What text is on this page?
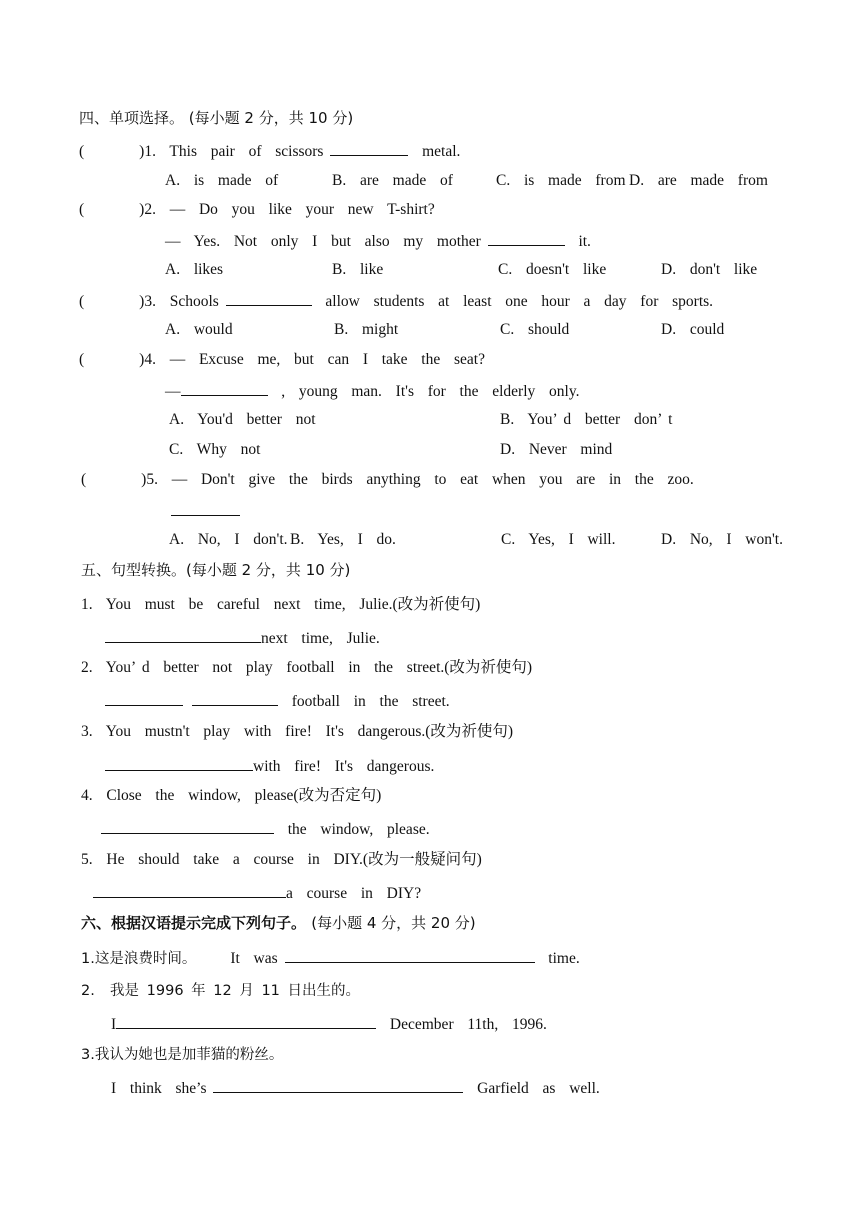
四、单项选择。 (每小题 2 分，共 10 分)
(        )1.  This  pair  of  scissors	metal.
A.  is  made  of	B.  are  made  of	C.  is  made  from D.  are  made  from
(        )2.  —  Do  you  like  your  new  T-shirt?
—  Yes.  Not  only  I  but  also  my  mother	it.
A.  likes	B.  like	C.  doesn't  like	D.  don't  like
(        )3.  Schools	allow  students  at  least  one  hour  a  day  for  sports.
A.  would	B.  might	C.  should	D.  could
(        )4.  —  Excuse  me,  but  can  I  take  the  seat?
—	,  young  man.  It's  for  the  elderly  only.
A.  You'd  better  not	B.  You’ d  better  don’ t
C.  Why  not	D.  Never  mind
(        )5.  —  Don't  give  the  birds  anything  to  eat  when  you  are  in  the  zoo.
A.  No,  I  don't. B.  Yes,  I  do.	C.  Yes,  I  will.	D.  No,  I  won't.
五、句型转换。(每小题 2 分，共 10 分)
1.  You  must  be  careful  next  time,  Julie.(改为祈使句)
next  time,  Julie.
2.  You’ d  better  not  play  football  in  the  street.(改为祈使句)
football  in  the  street.
3.  You  mustn't  play  with  fire!  It's  dangerous.(改为祈使句)
with  fire!  It's  dangerous.
4.  Close  the  window,  please(改为否定句)
the  window,  please.
5.  He  should  take  a  course  in  DIY.(改为一般疑问句)
a  course  in  DIY?
六、根据汉语提示完成下列句子。 (每小题 4 分，共 20 分)
1.这是浪费时间。 It  was	time.
2.  我是 1996 年 12 月 11 日出生的。
I	December  11th,  1996.
3.我认为她也是加菲猫的粉丝。
I  think  she’s	Garfield  as  well.
